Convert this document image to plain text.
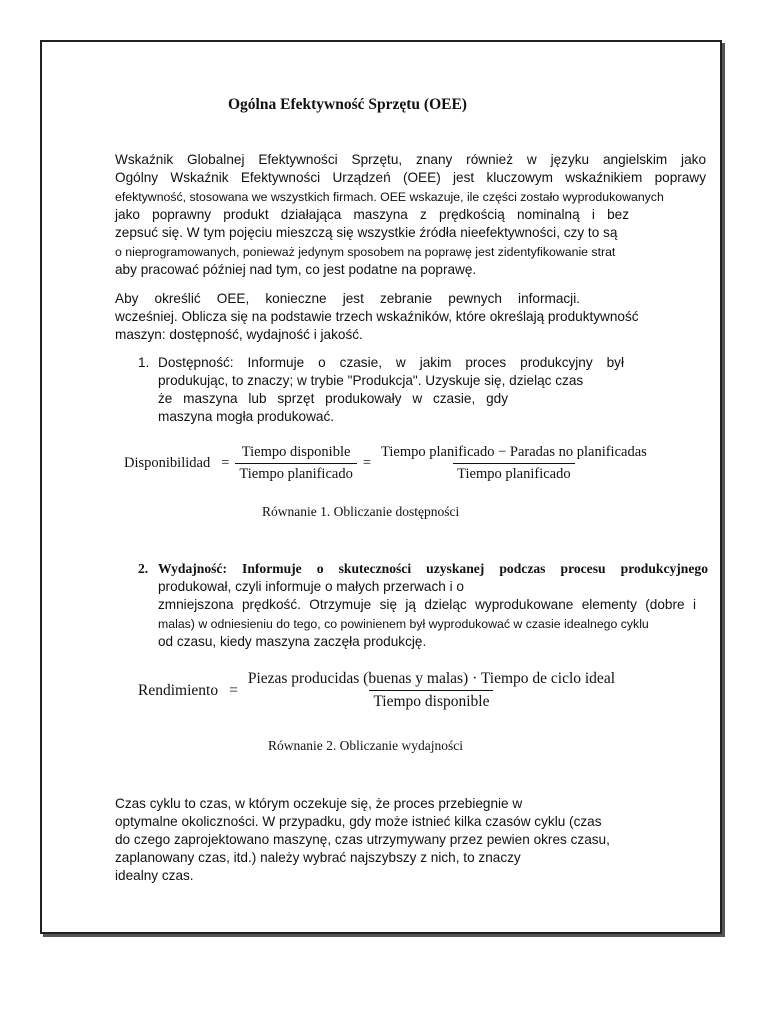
Ogólna Efektywność Sprzętu (OEE)
Wskaźnik Globalnej Efektywności Sprzętu, znany również w języku angielskim jako
Ogólny Wskaźnik Efektywności Urządzeń (OEE) jest kluczowym wskaźnikiem poprawy
efektywność, stosowana we wszystkich firmach. OEE wskazuje, ile części zostało wyprodukowanych
jako poprawny produkt działająca maszyna z prędkością nominalną i bez
zepsuć się. W tym pojęciu mieszczą się wszystkie źródła nieefektywności, czy to są
o nieprogramowanych, ponieważ jedynym sposobem na poprawę jest zidentyfikowanie strat
aby pracować później nad tym, co jest podatne na poprawę.
Aby określić OEE, konieczne jest zebranie pewnych informacji.
wcześniej. Oblicza się na podstawie trzech wskaźników, które określają produktywność
maszyn: dostępność, wydajność i jakość.
1. Dostępność: Informuje o czasie, w jakim proces produkcyjny był
produkując, to znaczy; w trybie "Produkcja". Uzyskuje się, dzieląc czas
że maszyna lub sprzęt produkowały w czasie, gdy
maszyna mogła produkować.
Disponibilidad = $\frac{\text{Tiempo disponible}}{\text{Tiempo planificado}} = \frac{\text{Tiempo planificado − Paradas no planificadas}}{\text{Tiempo planificado}}$
Równanie 1. Obliczanie dostępności
2. Wydajność: Informuje o skuteczności uzyskanej podczas procesu produkcyjnego
produkował, czyli informuje o małych przerwach i o
zmniejszona prędkość. Otrzymuje się ją dzieląc wyprodukowane elementy (dobre i
malas) w odniesieniu do tego, co powinienem był wyprodukować w czasie idealnego cyklu
od czasu, kiedy maszyna zaczęła produkcję.
Rendimiento = $\frac{\text{Piezas producidas (buenas y malas) · Tiempo de ciclo ideal}}{\text{Tiempo disponible}}$
Równanie 2. Obliczanie wydajności
Czas cyklu to czas, w którym oczekuje się, że proces przebiegnie w
optymalne okoliczności. W przypadku, gdy może istnieć kilka czasów cyklu (czas
do czego zaprojektowano maszynę, czas utrzymywany przez pewien okres czasu,
zaplanowany czas, itd.) należy wybrać najszybszy z nich, to znaczy
idealny czas.
